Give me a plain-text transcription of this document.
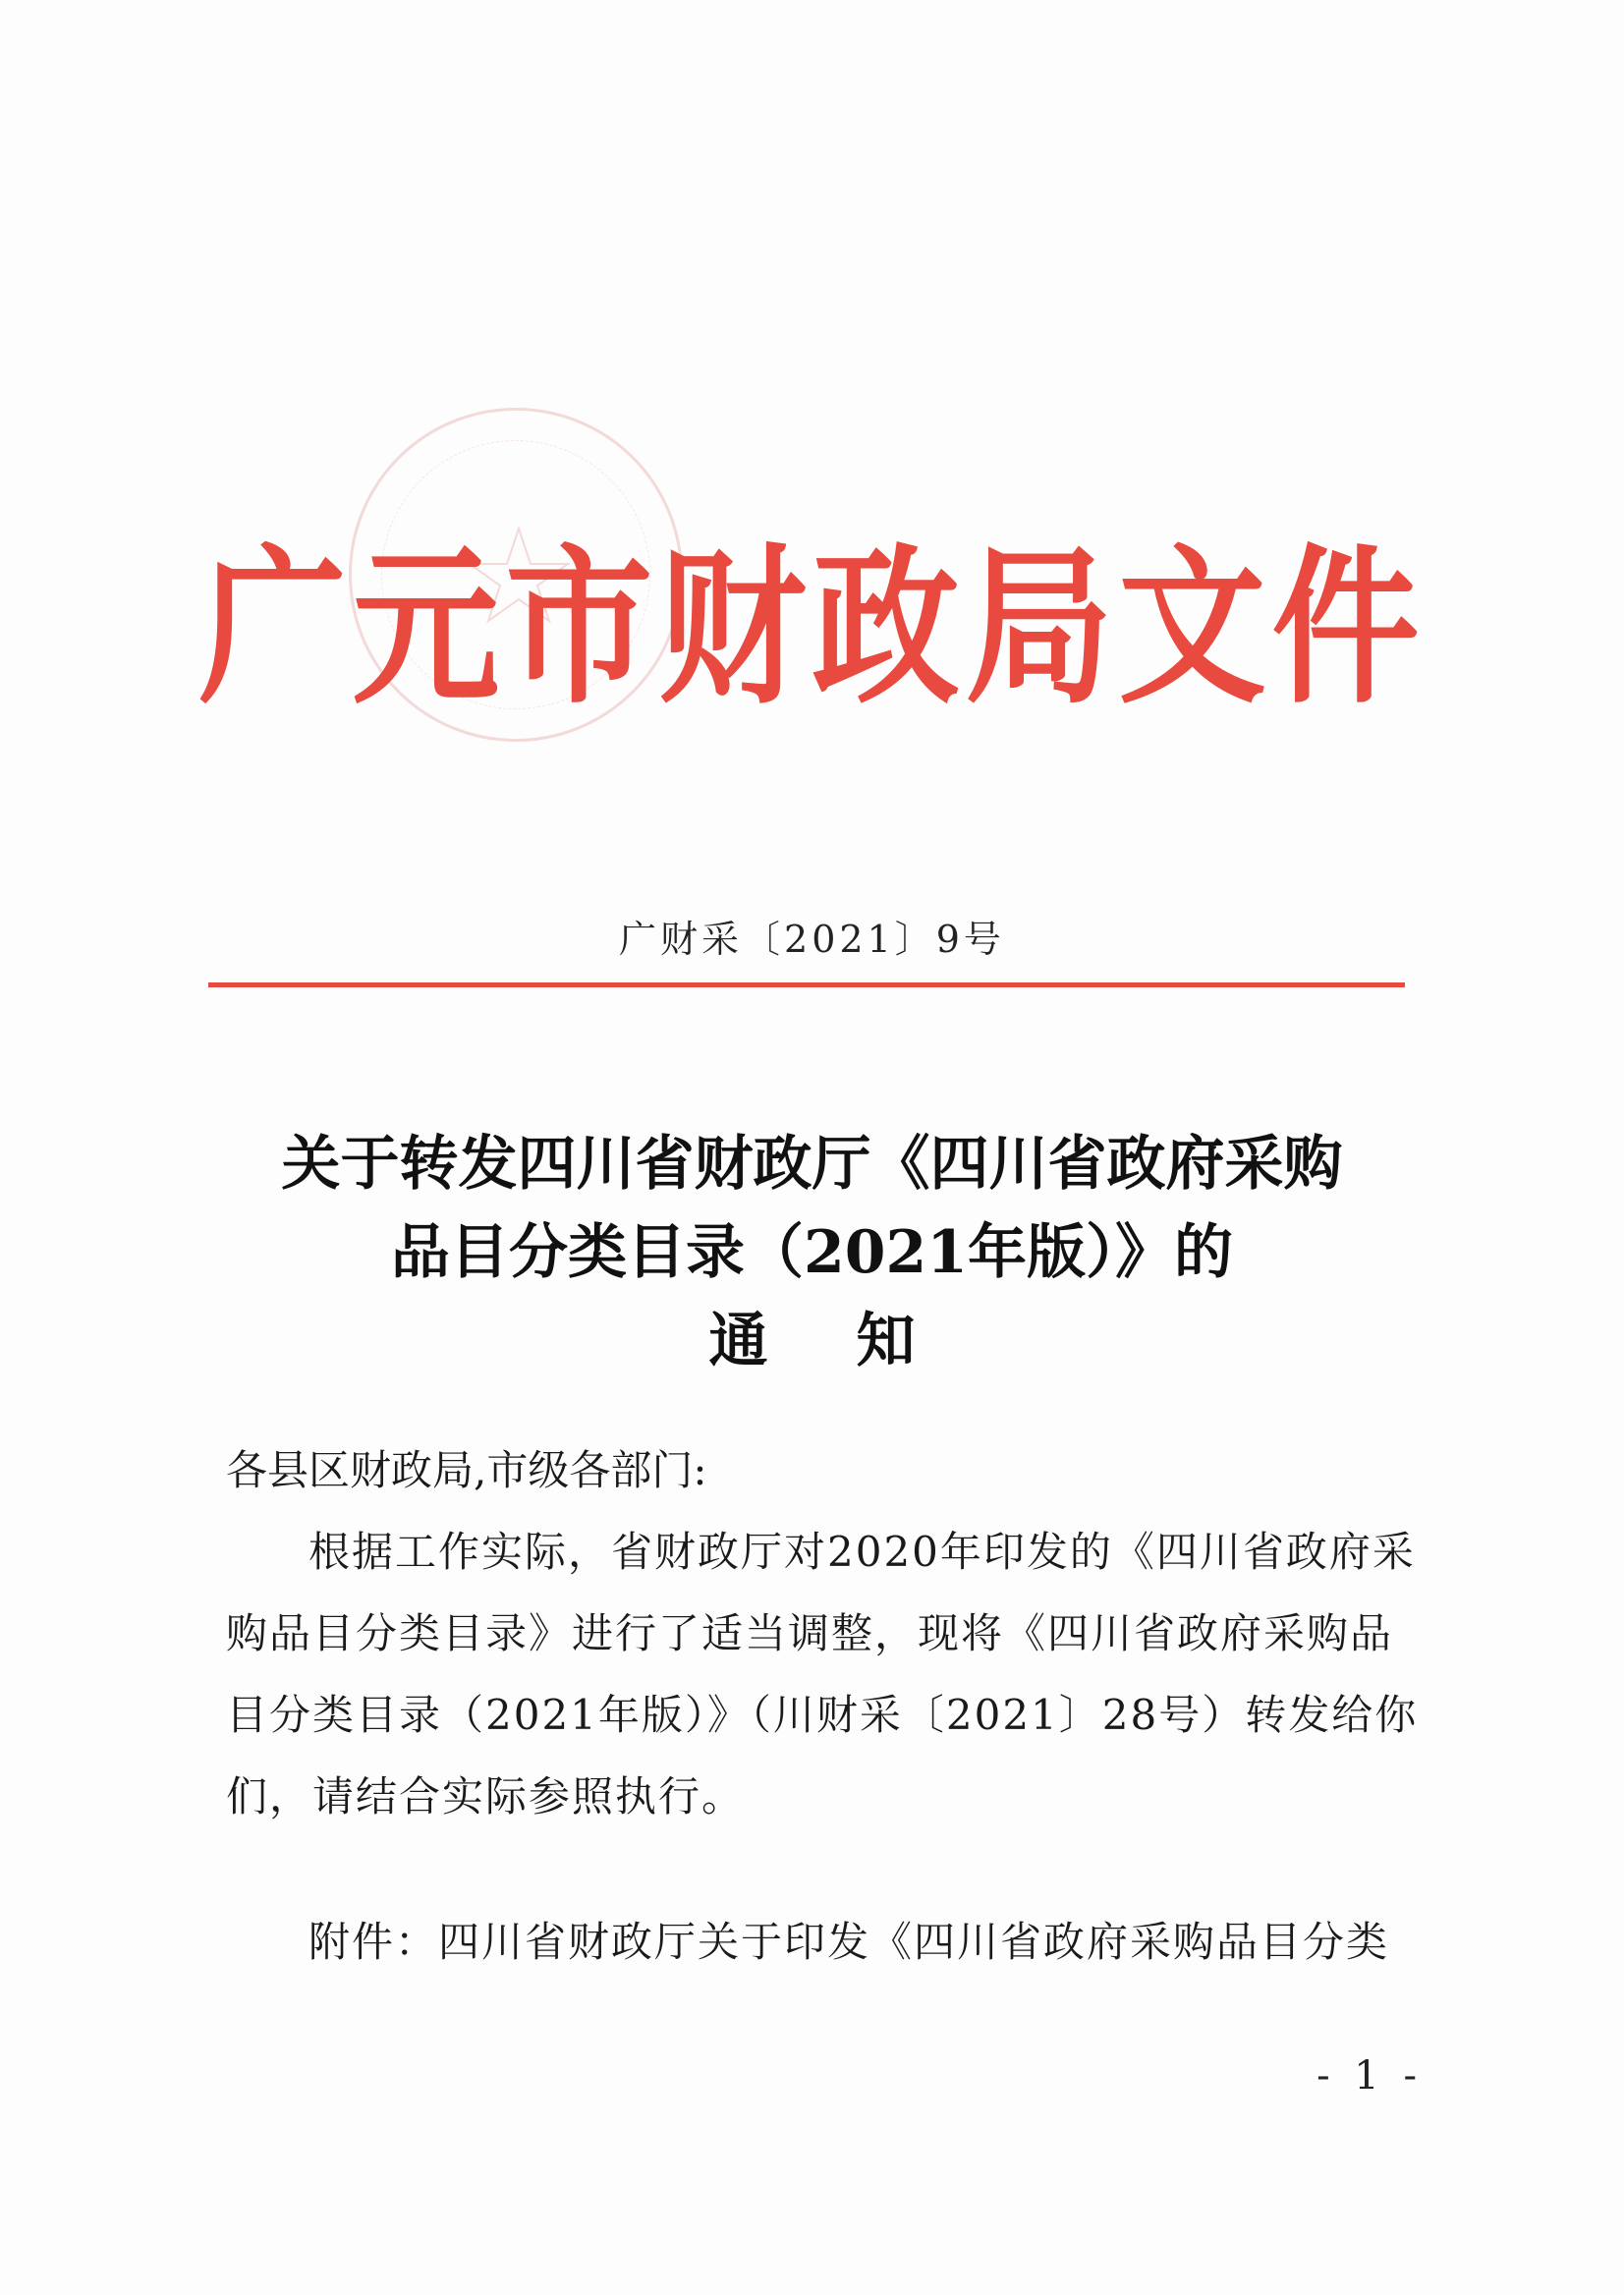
广元市财政局文件
广财采〔2021〕9号
关于转发四川省财政厅《四川省政府采购
品目分类目录（2021年版）》的
通知
各县区财政局,市级各部门:
根据工作实际，省财政厅对2020年印发的《四川省政府采购品目分类目录》进行了适当调整，现将《四川省政府采购品目分类目录（2021年版）》（川财采〔2021〕28号）转发给你们，请结合实际参照执行。
附件：四川省财政厅关于印发《四川省政府采购品目分类
- 1 -
